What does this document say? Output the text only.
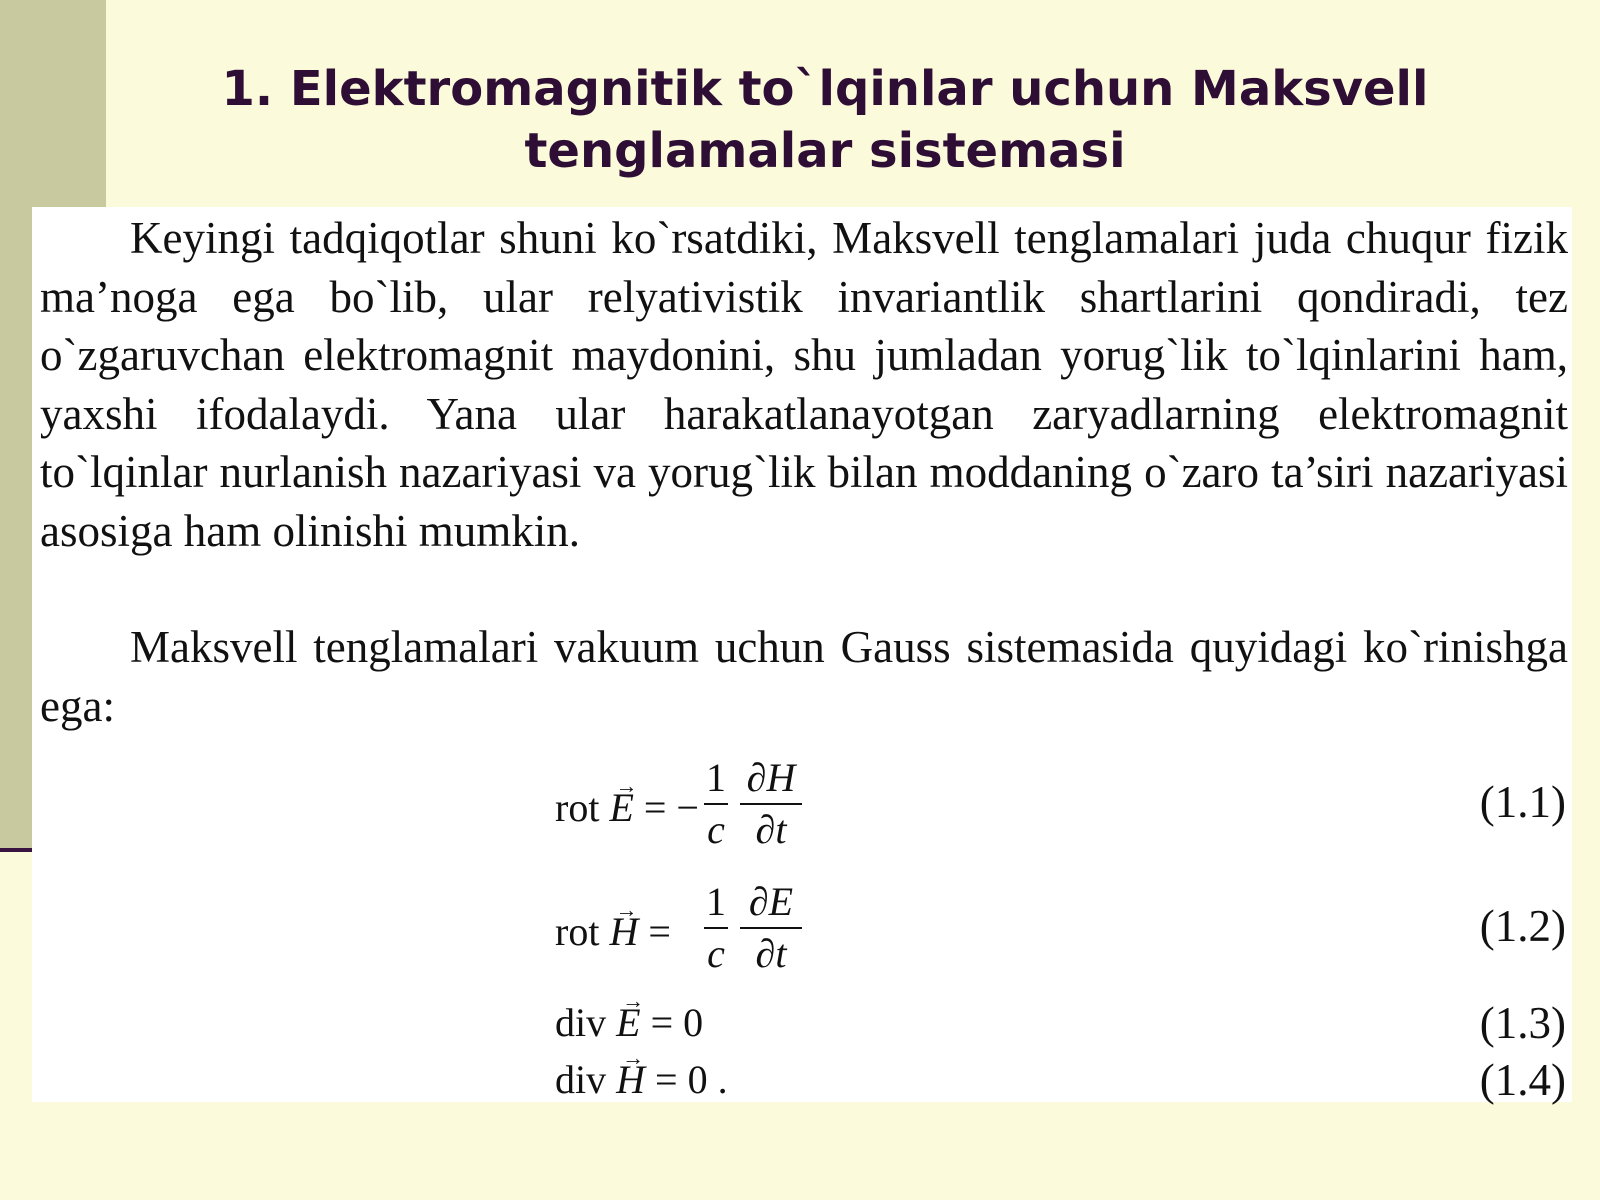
1. Elektromagnitik to`lqinlar uchun Maksvell
tenglamalar sistemasi

Keyingi tadqiqotlar shuni ko`rsatdiki, Maksvell tenglamalari juda chuqur fizik ma’noga ega bo`lib, ular relyativistik invariantlik shartlarini qondiradi, tez o`zgaruvchan elektromagnit maydonini, shu jumladan yorug`lik to`lqinlarini ham, yaxshi ifodalaydi. Yana ular harakatlanayotgan zaryadlarning elektromagnit to`lqinlar nurlanish nazariyasi va yorug`lik bilan moddaning o`zaro ta’siri nazariyasi asosiga ham olinishi mumkin.

Maksvell tenglamalari vakuum uchun Gauss sistemasida quyidagi ko`rinishga ega:

rot → E = −
1
c
∂H
∂t
(1.1)
rot → H =
1
c
∂E
∂t
(1.2)
div → E = 0	(1.3)
div → H = 0 .	(1.4)
